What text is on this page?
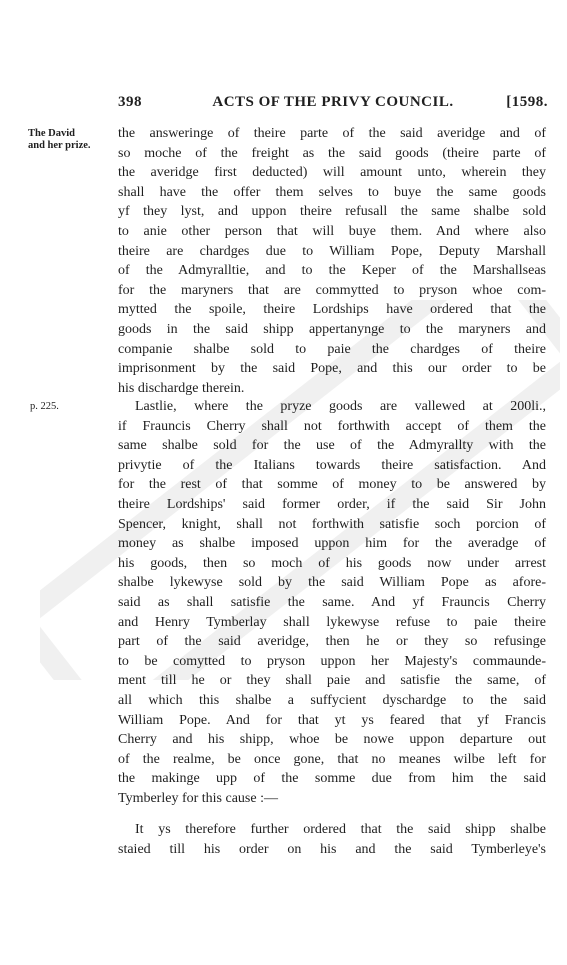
398	ACTS OF THE PRIVY COUNCIL.	[1598.
The David
and her prize.
p. 225.
the answeringe of theire parte of the said averidge and of
so moche of the freight as the said goods (theire parte of
the averidge first deducted) will amount unto, wherein they
shall have the offer them selves to buye the same goods
yf they lyst, and uppon theire refusall the same shalbe sold
to anie other person that will buye them. And where also
theire are chardges due to William Pope, Deputy Marshall
of the Admyralltie, and to the Keper of the Marshallseas
for the maryners that are commytted to pryson whoe com-
mytted the spoile, theire Lordships have ordered that the
goods in the said shipp appertanynge to the maryners and
companie shalbe sold to paie the chardges of theire
imprisonment by the said Pope, and this our order to be
his dischardge therein.
Lastlie, where the pryze goods are vallewed at 200li.,
if Frauncis Cherry shall not forthwith accept of them the
same shalbe sold for the use of the Admyrallty with the
privytie of the Italians towards theire satisfaction. And
for the rest of that somme of money to be answered by
theire Lordships' said former order, if the said Sir John
Spencer, knight, shall not forthwith satisfie soch porcion of
money as shalbe imposed uppon him for the averadge of
his goods, then so moch of his goods now under arrest
shalbe lykewyse sold by the said William Pope as afore-
said as shall satisfie the same. And yf Frauncis Cherry
and Henry Tymberlay shall lykewyse refuse to paie theire
part of the said averidge, then he or they so refusinge
to be comytted to pryson uppon her Majesty's commaunde-
ment till he or they shall paie and satisfie the same, of
all which this shalbe a suffycient dyschardge to the said
William Pope. And for that yt ys feared that yf Francis
Cherry and his shipp, whoe be nowe uppon departure out
of the realme, be once gone, that no meanes wilbe left for
the makinge upp of the somme due from him the said
Tymberley for this cause :—
It ys therefore further ordered that the said shipp shalbe
staied till his order on his and the said Tymberleye's
